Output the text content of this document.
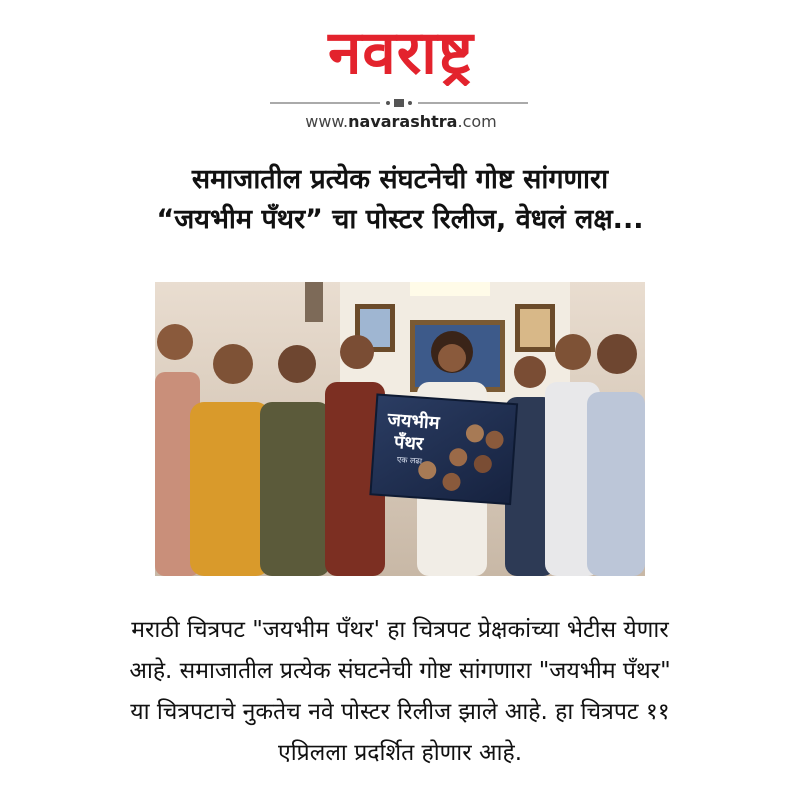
नवराष्ट्र
www.navarashtra.com
समाजातील प्रत्येक संघटनेची गोष्ट सांगणारा
“जयभीम पँथर” चा पोस्टर रिलीज, वेधलं लक्ष...
जयभीम
पँथर
एक लढा
मराठी चित्रपट "जयभीम पँथर' हा चित्रपट प्रेक्षकांच्या भेटीस येणार
आहे. समाजातील प्रत्येक संघटनेची गोष्ट सांगणारा "जयभीम पँथर"
या चित्रपटाचे नुकतेच नवे पोस्टर रिलीज झाले आहे. हा चित्रपट ११
एप्रिलला प्रदर्शित होणार आहे.
